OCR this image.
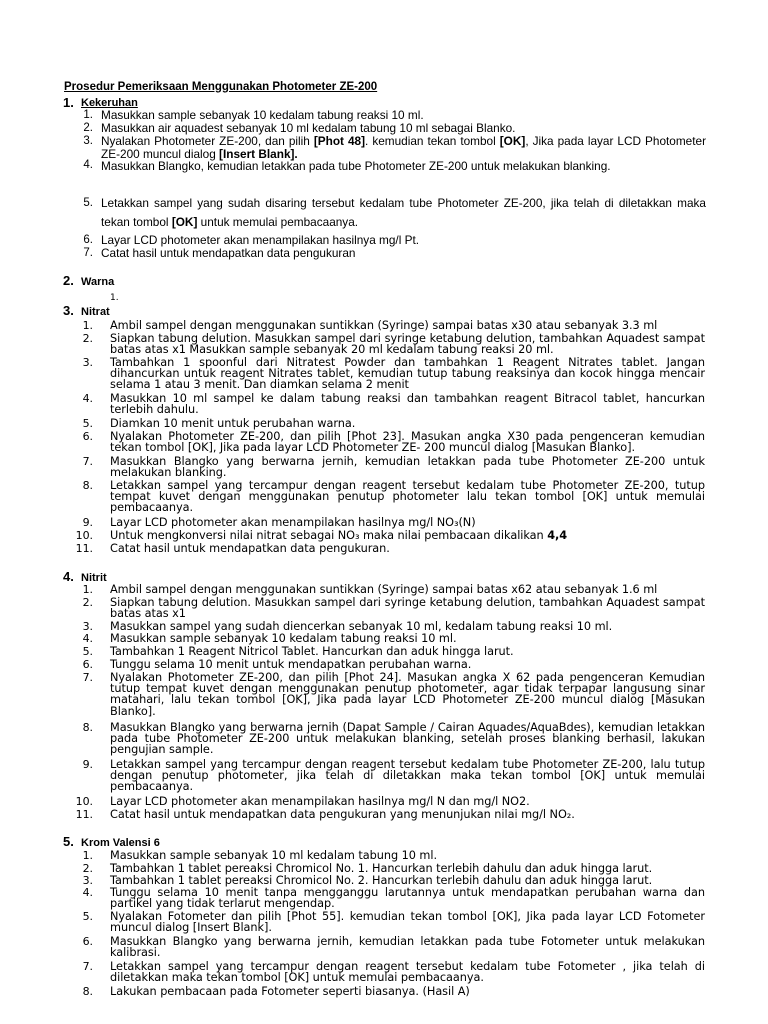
Prosedur Pemeriksaan Menggunakan Photometer ZE-200
1. Kekeruhan
1. Masukkan sample sebanyak 10 kedalam tabung reaksi 10 ml.
2. Masukkan air aquadest sebanyak 10 ml kedalam tabung 10 ml sebagai Blanko.
3. Nyalakan Photometer ZE-200, dan pilih [Phot 48]. kemudian tekan tombol [OK], Jika pada layar LCD Photometer ZE-200 muncul dialog [Insert Blank].
4. Masukkan Blangko, kemudian letakkan pada tube Photometer ZE-200 untuk melakukan blanking.
5. Letakkan sampel yang sudah disaring tersebut kedalam tube Photometer ZE-200, jika telah di diletakkan maka tekan tombol [OK] untuk memulai pembacaanya.
6. Layar LCD photometer akan menampilakan hasilnya mg/l Pt.
7. Catat hasil untuk mendapatkan data pengukuran
2. Warna
1.
3. Nitrat
1. Ambil sampel dengan menggunakan suntikkan (Syringe) sampai batas x30 atau sebanyak 3.3 ml
2. Siapkan tabung delution. Masukkan sampel dari syringe ketabung delution, tambahkan Aquadest sampat batas atas x1 Masukkan sample sebanyak 20 ml kedalam tabung reaksi 20 ml.
3. Tambahkan 1 spoonful dari Nitratest Powder dan tambahkan 1 Reagent Nitrates tablet. Jangan dihancurkan untuk reagent Nitrates tablet, kemudian tutup tabung reaksinya dan kocok hingga mencair selama 1 atau 3 menit. Dan diamkan selama 2 menit
4. Masukkan 10 ml sampel ke dalam tabung reaksi dan tambahkan reagent Bitracol tablet, hancurkan terlebih dahulu.
5. Diamkan 10 menit untuk perubahan warna.
6. Nyalakan Photometer ZE-200, dan pilih [Phot 23]. Masukan angka X30 pada pengenceran kemudian tekan tombol [OK], Jika pada layar LCD Photometer ZE- 200 muncul dialog [Masukan Blanko].
7. Masukkan Blangko yang berwarna jernih, kemudian letakkan pada tube Photometer ZE-200 untuk melakukan blanking.
8. Letakkan sampel yang tercampur dengan reagent tersebut kedalam tube Photometer ZE-200, tutup tempat kuvet dengan menggunakan penutup photometer lalu tekan tombol [OK] untuk memulai pembacaanya.
9. Layar LCD photometer akan menampilakan hasilnya mg/l NO₃(N)
10. Untuk mengkonversi nilai nitrat sebagai NO₃ maka nilai pembacaan dikalikan 4,4
11. Catat hasil untuk mendapatkan data pengukuran.
4. Nitrit
1. Ambil sampel dengan menggunakan suntikkan (Syringe) sampai batas x62 atau sebanyak 1.6 ml
2. Siapkan tabung delution. Masukkan sampel dari syringe ketabung delution, tambahkan Aquadest sampat batas atas x1
3. Masukkan sampel yang sudah diencerkan sebanyak 10 ml, kedalam tabung reaksi 10 ml.
4. Masukkan sample sebanyak 10 kedalam tabung reaksi 10 ml.
5. Tambahkan 1 Reagent Nitricol Tablet. Hancurkan dan aduk hingga larut.
6. Tunggu selama 10 menit untuk mendapatkan perubahan warna.
7. Nyalakan Photometer ZE-200, dan pilih [Phot 24]. Masukan angka X 62 pada pengenceran Kemudian tutup tempat kuvet dengan menggunakan penutup photometer, agar tidak terpapar langusung sinar matahari, lalu tekan tombol [OK], Jika pada layar LCD Photometer ZE-200 muncul dialog [Masukan Blanko].
8. Masukkan Blangko yang berwarna jernih (Dapat Sample / Cairan Aquades/AquaBdes), kemudian letakkan pada tube Photometer ZE-200 untuk melakukan blanking, setelah proses blanking berhasil, lakukan pengujian sample.
9. Letakkan sampel yang tercampur dengan reagent tersebut kedalam tube Photometer ZE-200, lalu tutup dengan penutup photometer, jika telah di diletakkan maka tekan tombol [OK] untuk memulai pembacaanya.
10. Layar LCD photometer akan menampilakan hasilnya mg/l N dan mg/l NO2.
11. Catat hasil untuk mendapatkan data pengukuran yang menunjukan nilai mg/l NO₂.
5. Krom Valensi 6
1. Masukkan sample sebanyak 10 ml kedalam tabung 10 ml.
2. Tambahkan 1 tablet pereaksi Chromicol No. 1. Hancurkan terlebih dahulu dan aduk hingga larut.
3. Tambahkan 1 tablet pereaksi Chromicol No. 2. Hancurkan terlebih dahulu dan aduk hingga larut.
4. Tunggu selama 10 menit tanpa mengganggu larutannya untuk mendapatkan perubahan warna dan partikel yang tidak terlarut mengendap.
5. Nyalakan Fotometer dan pilih [Phot 55]. kemudian tekan tombol [OK], Jika pada layar LCD Fotometer muncul dialog [Insert Blank].
6. Masukkan Blangko yang berwarna jernih, kemudian letakkan pada tube Fotometer untuk melakukan kalibrasi.
7. Letakkan sampel yang tercampur dengan reagent tersebut kedalam tube Fotometer , jika telah di diletakkan maka tekan tombol [OK] untuk memulai pembacaanya.
8. Lakukan pembacaan pada Fotometer seperti biasanya. (Hasil A)
